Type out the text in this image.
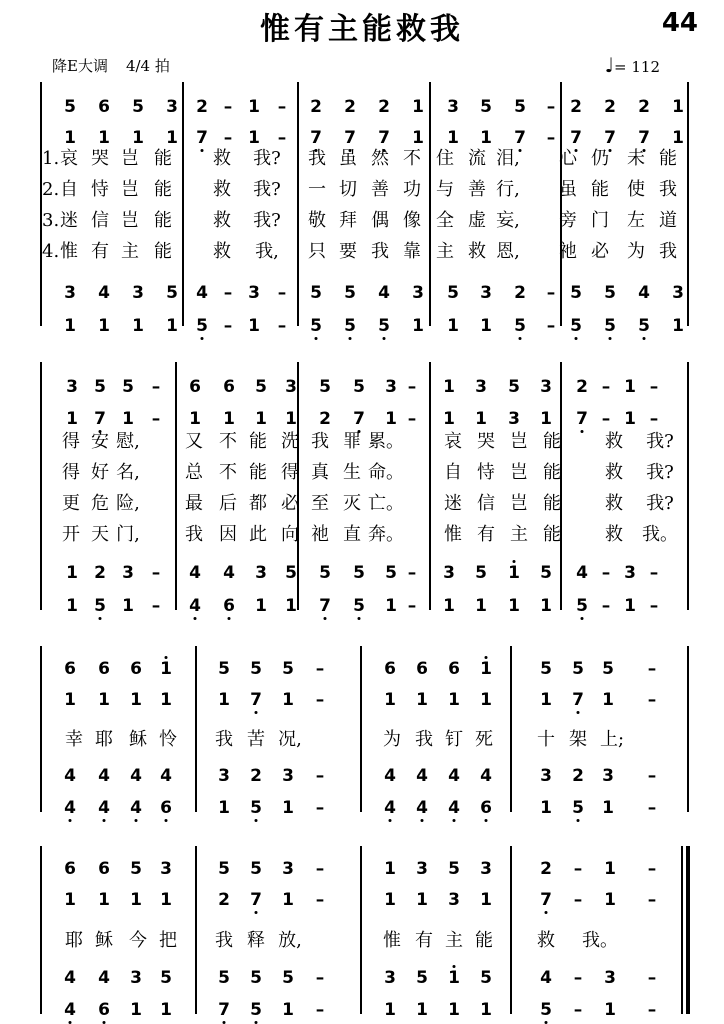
惟有主能救我	44
降E大调 4/4 拍	♩= 112
5 6 5 3
1 1 1 1
3 4 3 5
1 1 1 1
2 – 1 –
7 – 1 –
4 – 3 –
5 – 1 –
2 2 2 1
7 7 7 1
5 5 4 3
5 5 5 1
3 5 5 –
1 1 7 –
5 3 2 –
1 1 5 –
2 2 2 1
7 7 7 1
5 5 4 3
5 5 5 1
1. 哀 哭 岂 能 救 我? 我 虽 然 不 住 流 泪, 心 仍 未 能
2. 自 恃 岂 能 救 我? 一 切 善 功 与 善 行, 虽 能 使 我
3. 迷 信 岂 能 救 我? 敬 拜 偶 像 全 虚 妄, 旁 门 左 道
4. 惟 有 主 能 救 我, 只 要 我 靠 主 救 恩, 祂 必 为 我
3 5 5 –
1 7 1 –
1 2 3 –
1 5 1 –
6 6 5 3
1 1 1 1
4 4 3 5
4 6 1 1
5 5 3 –
2 7 1 –
5 5 5 –
7 5 1 –
1 3 5 3
1 1 3 1
3 5 1 5
1 1 1 1
2 – 1 –
7 – 1 –
4 – 3 –
5 – 1 –
得 安 慰,	又 不 能 洗 我 罪 累。 哀 哭 岂 能 救 我?
得 好 名,	总 不 能 得 真 生 命。 自 恃 岂 能 救 我?
更 危 险,	最 后 都 必 至 灭 亡。 迷 信 岂 能 救 我?
开 天 门,	我 因 此 向 祂 直 奔。 惟 有 主 能 救 我。
6 6 6 1
1 1 1 1
4 4 4 4
4 4 4 6
5 5 5 –
1 7 1 –
3 2 3 –
1 5 1 –
6 6 6 1
1 1 1 1
4 4 4 4
4 4 4 6
5 5 5 –
1 7 1 –
3 2 3 –
1 5 1 –
幸 耶 稣 怜 我 苦 况,	为 我 钉 死 十 架 上;
6 6 5 3
1 1 1 1
4 4 3 5
4 6 1 1
5 5 3 –
2 7 1 –
5 5 5 –
7 5 1 –
1 3 5 3
1 1 3 1
3 5 1 5
1 1 1 1
2 – 1 –
7 – 1 –
4 – 3 –
5 – 1 –
耶 稣 今 把 我 释 放,	惟 有 主 能 救 我。
